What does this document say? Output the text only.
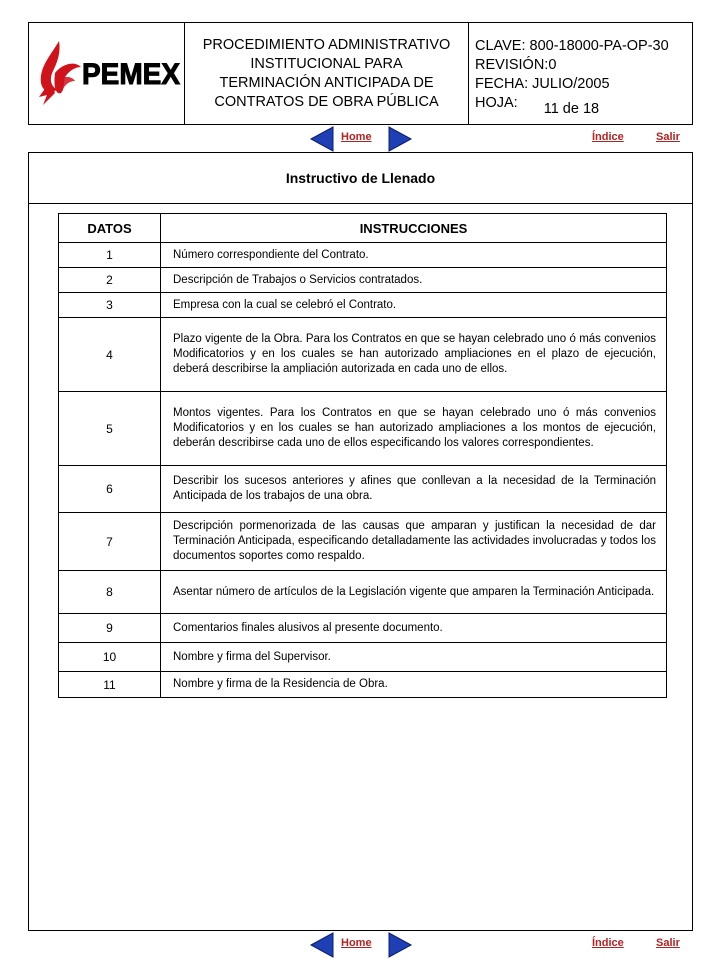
PEMEX
PROCEDIMIENTO ADMINISTRATIVO
INSTITUCIONAL PARA
TERMINACIÓN ANTICIPADA DE
CONTRATOS DE OBRA PÚBLICA
CLAVE: 800-18000-PA-OP-30
REVISIÓN: 0
FECHA: JULIO/2005
HOJA: 11 de 18
Home	Índice	Salir
Instructivo de Llenado
DATOS	INSTRUCCIONES
1	Número correspondiente del Contrato.
2	Descripción de Trabajos o Servicios contratados.
3	Empresa con la cual se celebró el Contrato.
4	Plazo vigente de la Obra. Para los Contratos en que se hayan celebrado uno ó más convenios Modificatorios y en los cuales se han autorizado ampliaciones en el plazo de ejecución, deberá describirse la ampliación autorizada en cada uno de ellos.
5	Montos vigentes. Para los Contratos en que se hayan celebrado uno ó más convenios Modificatorios y en los cuales se han autorizado ampliaciones a los montos de ejecución, deberán describirse cada uno de ellos especificando los valores correspondientes.
6	Describir los sucesos anteriores y afines que conllevan a la necesidad de la Terminación Anticipada de los trabajos de una obra.
7	Descripción pormenorizada de las causas que amparan y justifican la necesidad de dar Terminación Anticipada, especificando detalladamente las actividades involucradas y todos los documentos soportes como respaldo.
8	Asentar número de artículos de la Legislación vigente que amparen la Terminación Anticipada.
9	Comentarios finales alusivos al presente documento.
10	Nombre y firma del Supervisor.
11	Nombre y firma de la Residencia de Obra.
Home	Índice	Salir
